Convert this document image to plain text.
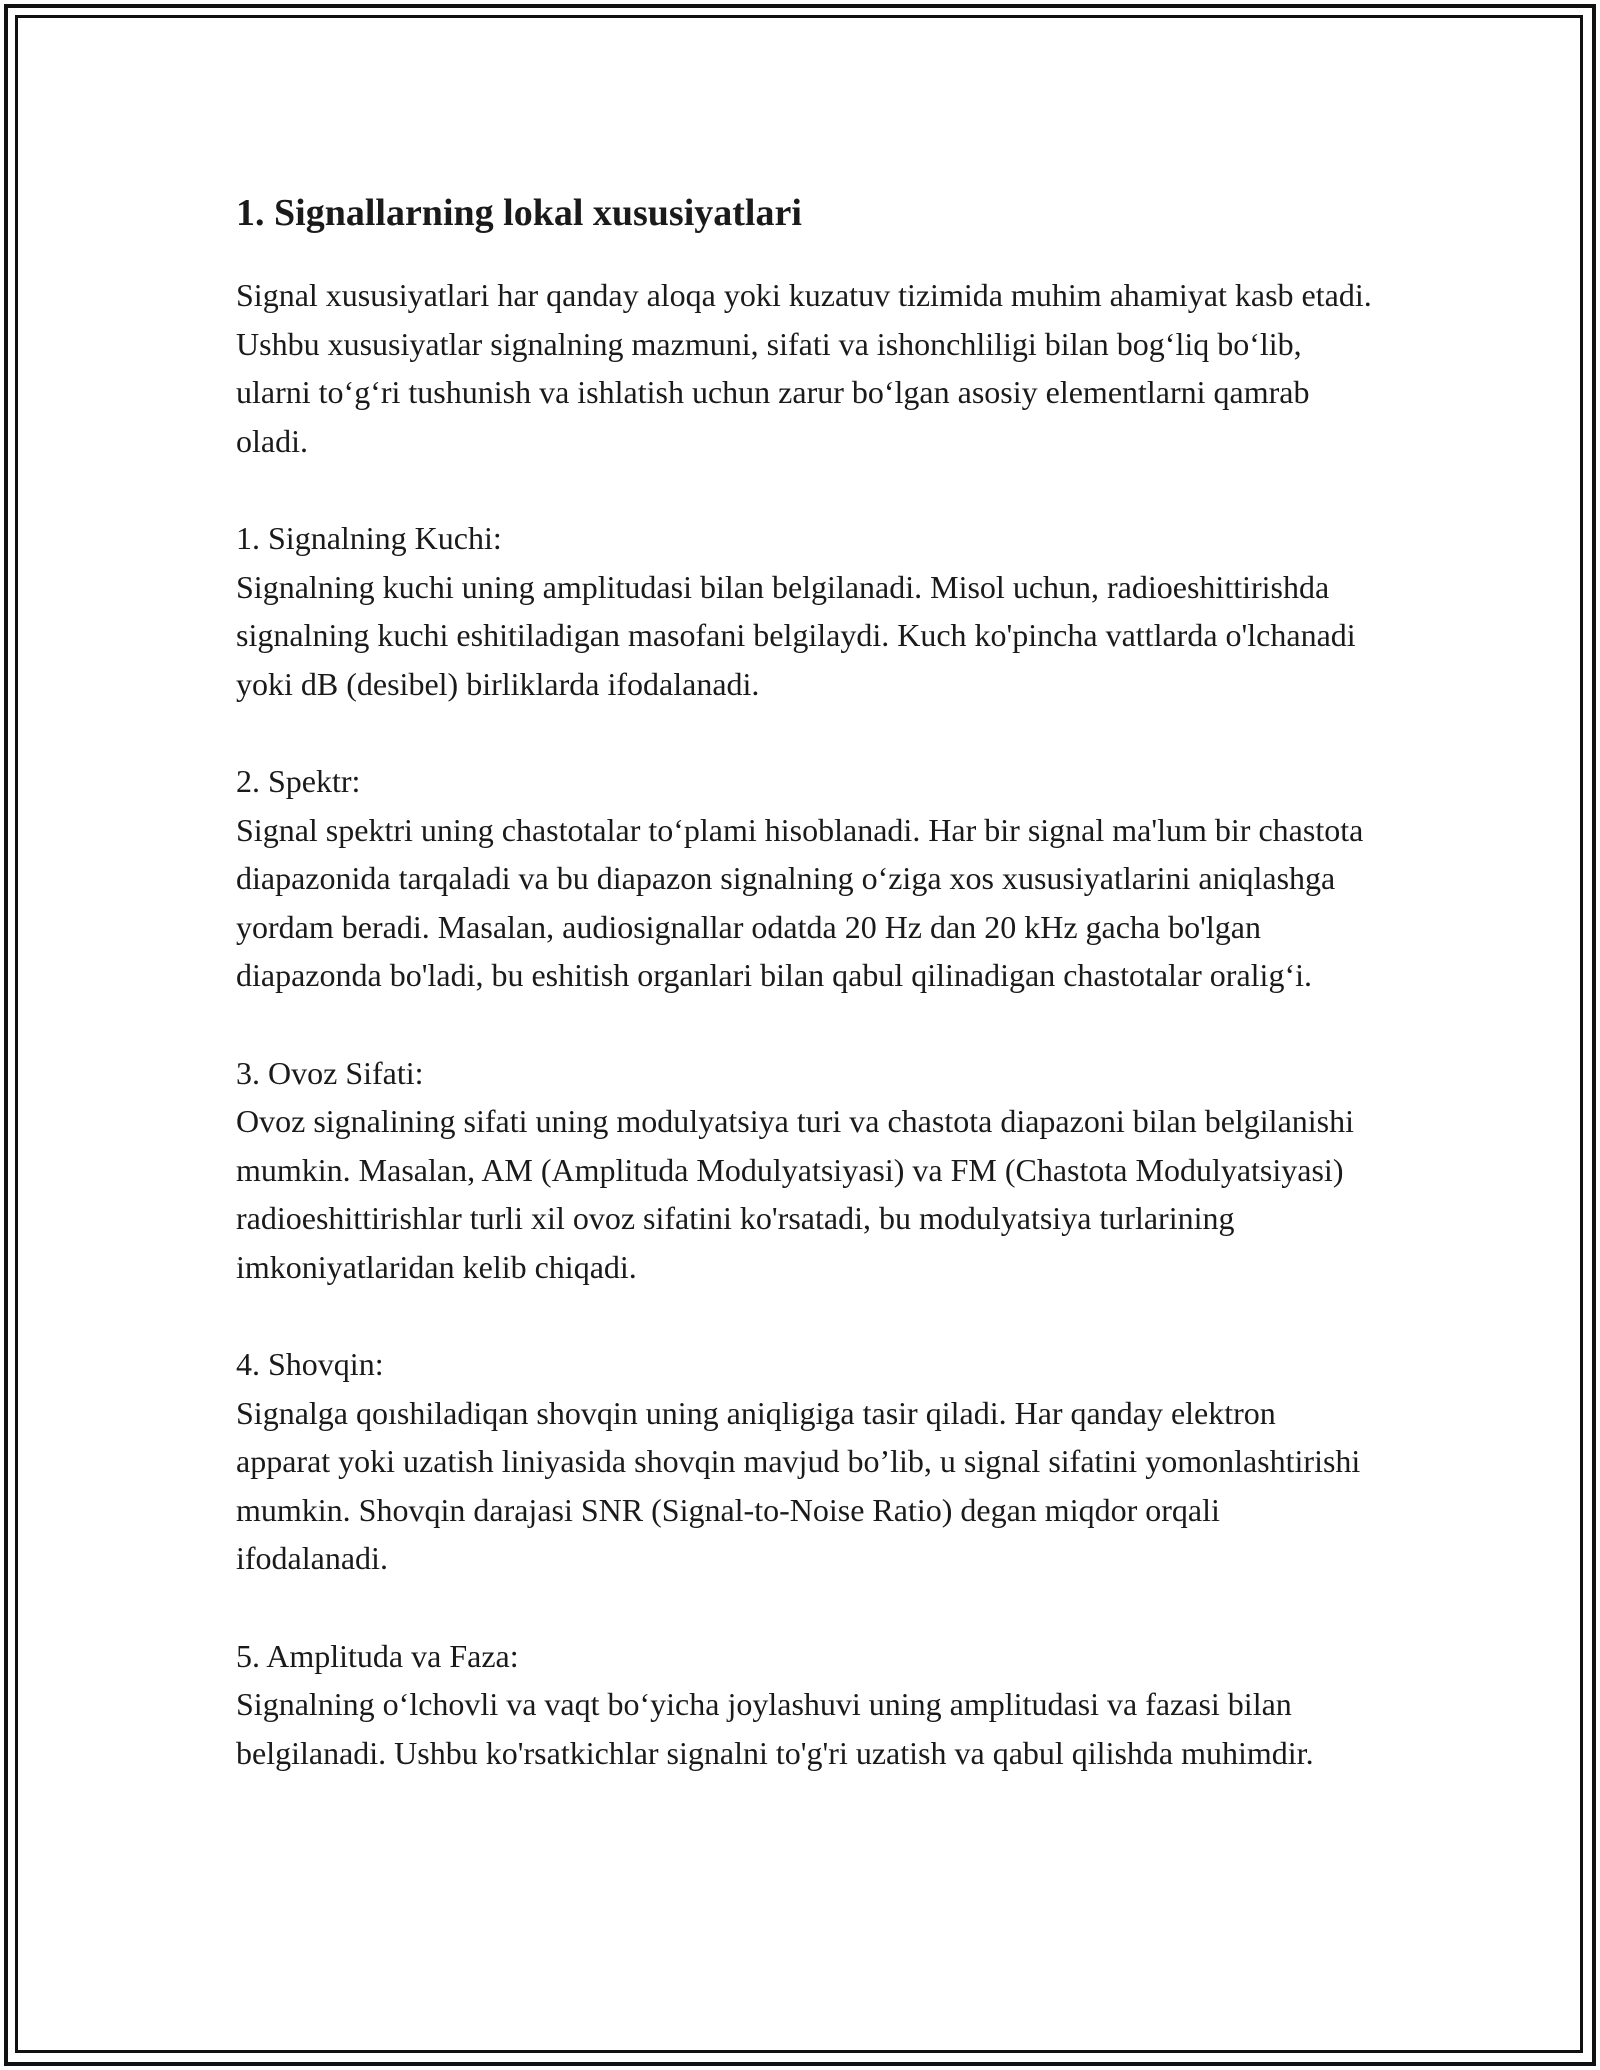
1. Signallarning lokal xususiyatlari

Signal xususiyatlari har qanday aloqa yoki kuzatuv tizimida muhim ahamiyat kasb etadi. Ushbu xususiyatlar signalning mazmuni, sifati va ishonchliligi bilan bog‘liq bo‘lib, ularni to‘g‘ri tushunish va ishlatish uchun zarur bo‘lgan asosiy elementlarni qamrab oladi.

1. Signalning Kuchi:

Signalning kuchi uning amplitudasi bilan belgilanadi. Misol uchun, radioeshittirishda signalning kuchi eshitiladigan masofani belgilaydi. Kuch ko'pincha vattlarda o'lchanadi yoki dB (desibel) birliklarda ifodalanadi.

2. Spektr:

Signal spektri uning chastotalar to‘plami hisoblanadi. Har bir signal ma'lum bir chastota diapazonida tarqaladi va bu diapazon signalning o‘ziga xos xususiyatlarini aniqlashga yordam beradi. Masalan, audiosignallar odatda 20 Hz dan 20 kHz gacha bo'lgan diapazonda bo'ladi, bu eshitish organlari bilan qabul qilinadigan chastotalar oralig‘i.

3. Ovoz Sifati:

Ovoz signalining sifati uning modulyatsiya turi va chastota diapazoni bilan belgilanishi mumkin. Masalan, AM (Amplituda Modulyatsiyasi) va FM (Chastota Modulyatsiyasi) radioeshittirishlar turli xil ovoz sifatini ko'rsatadi, bu modulyatsiya turlarining imkoniyatlaridan kelib chiqadi.

4. Shovqin:

Signalga qoıshiladiqan shovqin uning aniqligiga tasir qiladi. Har qanday elektron apparat yoki uzatish liniyasida shovqin mavjud bo’lib, u signal sifatini yomonlashtirishi mumkin. Shovqin darajasi SNR (Signal-to-Noise Ratio) degan miqdor orqali ifodalanadi.

5. Amplituda va Faza:

Signalning o‘lchovli va vaqt bo‘yicha joylashuvi uning amplitudasi va fazasi bilan belgilanadi. Ushbu ko'rsatkichlar signalni to'g'ri uzatish va qabul qilishda muhimdir.
